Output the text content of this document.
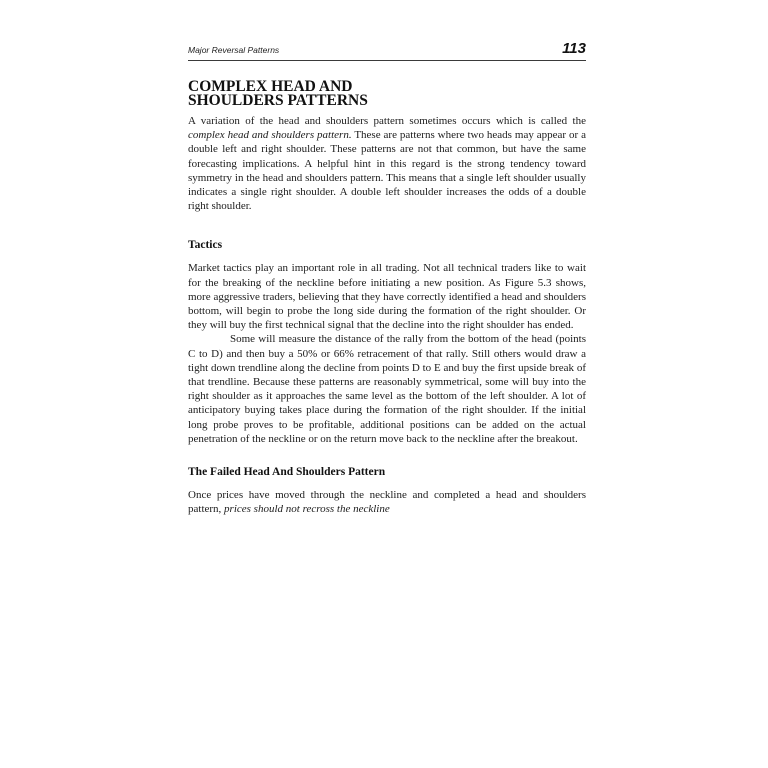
Major Reversal Patterns	113
COMPLEX HEAD AND SHOULDERS PATTERNS

A variation of the head and shoulders pattern sometimes occurs which is called the complex head and shoulders pattern. These are patterns where two heads may appear or a double left and right shoulder. These patterns are not that common, but have the same forecasting implications. A helpful hint in this regard is the strong tendency toward symmetry in the head and shoulders pattern. This means that a single left shoulder usually indicates a single right shoulder. A double left shoulder increases the odds of a double right shoulder.

Tactics

Market tactics play an important role in all trading. Not all technical traders like to wait for the breaking of the neckline before initiating a new position. As Figure 5.3 shows, more aggressive traders, believing that they have correctly identified a head and shoulders bottom, will begin to probe the long side during the formation of the right shoulder. Or they will buy the first technical signal that the decline into the right shoulder has ended.

Some will measure the distance of the rally from the bottom of the head (points C to D) and then buy a 50% or 66% retracement of that rally. Still others would draw a tight down trendline along the decline from points D to E and buy the first upside break of that trendline. Because these patterns are reasonably symmetrical, some will buy into the right shoulder as it approaches the same level as the bottom of the left shoulder. A lot of anticipatory buying takes place during the formation of the right shoulder. If the initial long probe proves to be profitable, additional positions can be added on the actual penetration of the neckline or on the return move back to the neckline after the breakout.

The Failed Head And Shoulders Pattern

Once prices have moved through the neckline and completed a head and shoulders pattern, prices should not recross the neckline
